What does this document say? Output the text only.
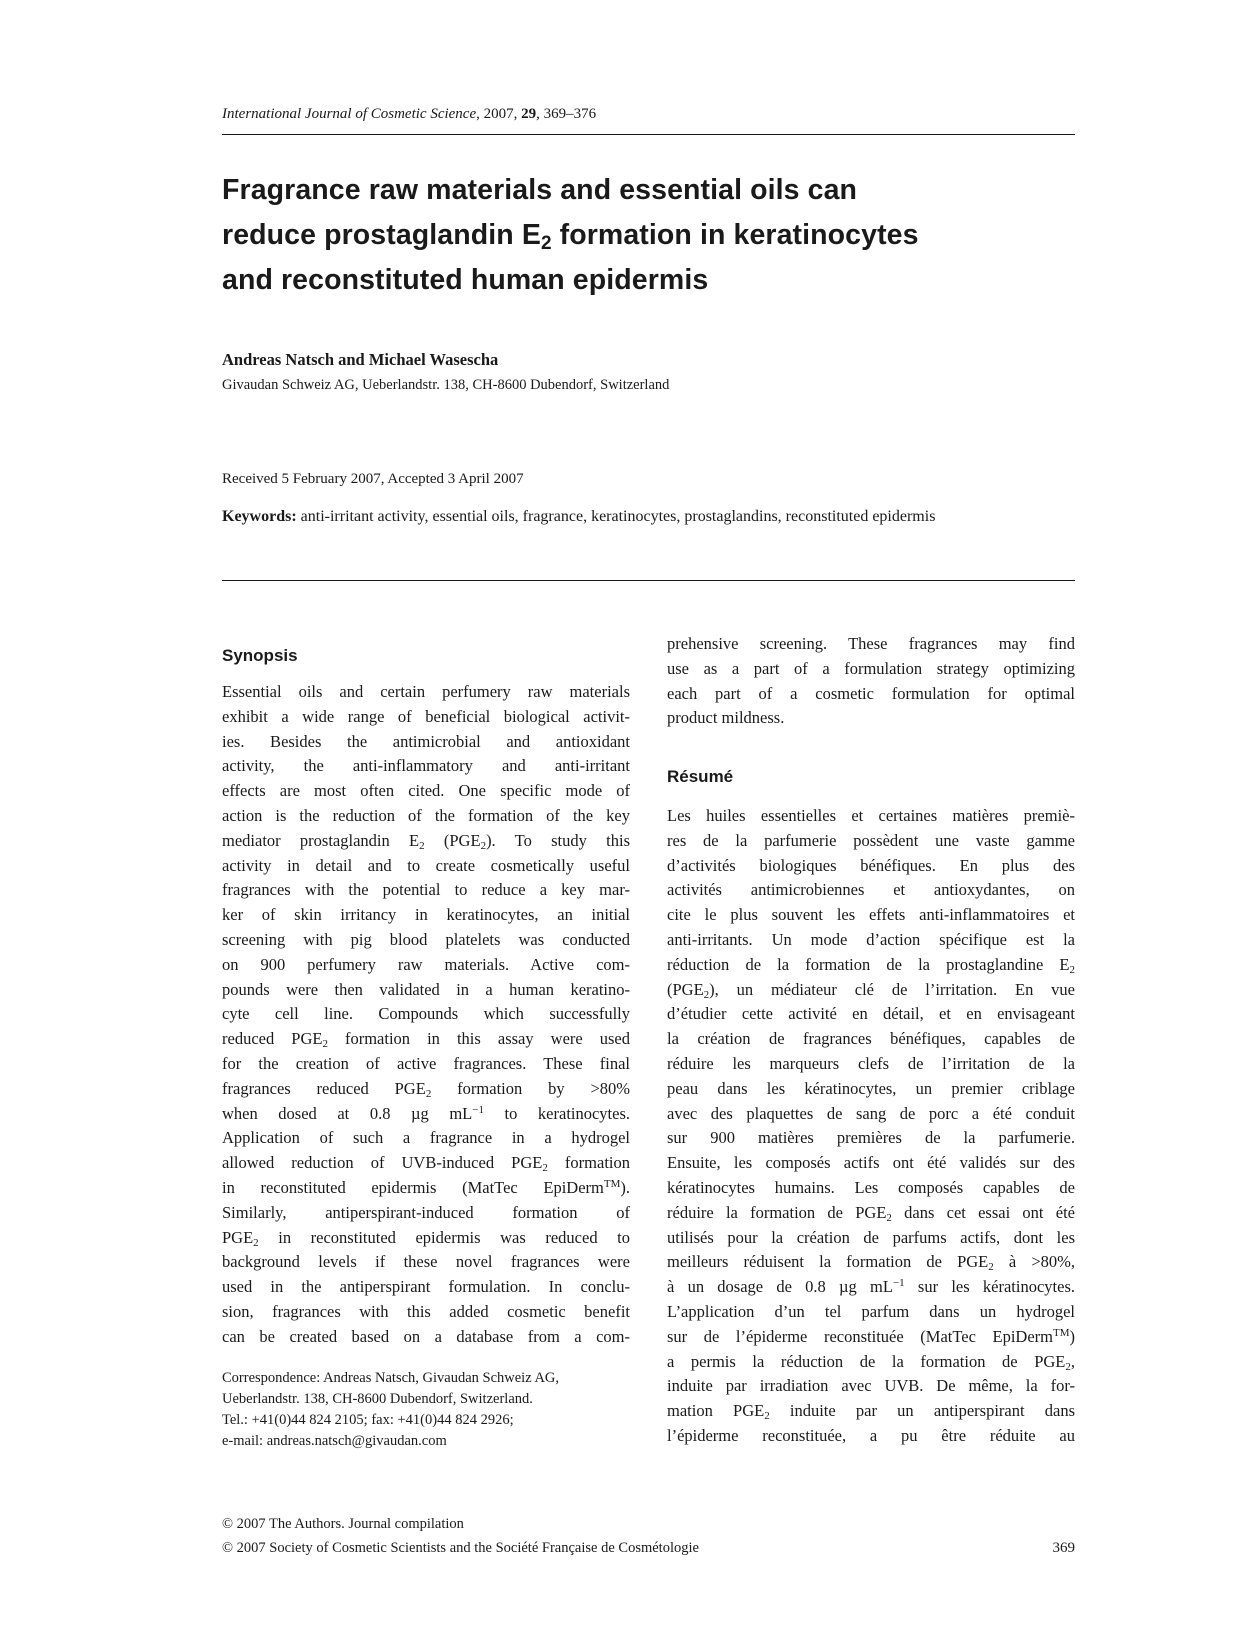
International Journal of Cosmetic Science, 2007, 29, 369–376
Fragrance raw materials and essential oils can
reduce prostaglandin $E_2$ formation in keratinocytes
and reconstituted human epidermis
Andreas Natsch and Michael Wasescha
Givaudan Schweiz AG, Ueberlandstr. 138, CH-8600 Dubendorf, Switzerland
Received 5 February 2007, Accepted 3 April 2007
Keywords: anti-irritant activity, essential oils, fragrance, keratinocytes, prostaglandins, reconstituted epidermis
Synopsis
Essential oils and certain perfumery raw materials
exhibit a wide range of beneficial biological activit-
ies. Besides the antimicrobial and antioxidant
activity, the anti-inflammatory and anti-irritant
effects are most often cited. One specific mode of
action is the reduction of the formation of the key
mediator prostaglandin $E_2$ $(PGE_2)$. To study this
activity in detail and to create cosmetically useful
fragrances with the potential to reduce a key mar-
ker of skin irritancy in keratinocytes, an initial
screening with pig blood platelets was conducted
on 900 perfumery raw materials. Active com-
pounds were then validated in a human keratino-
cyte cell line. Compounds which successfully
reduced $PGE_2$ formation in this assay were used
for the creation of active fragrances. These final
fragrances reduced $PGE_2$ formation by >80%
when dosed at 0.8 µg $mL^{-1}$ to keratinocytes.
Application of such a fragrance in a hydrogel
allowed reduction of UVB-induced $PGE_2$ formation
in reconstituted epidermis (MatTec EpiDerm™).
Similarly, antiperspirant-induced formation of
$PGE_2$ in reconstituted epidermis was reduced to
background levels if these novel fragrances were
used in the antiperspirant formulation. In conclu-
sion, fragrances with this added cosmetic benefit
can be created based on a database from a com-
Correspondence: Andreas Natsch, Givaudan Schweiz AG,
Ueberlandstr. 138, CH-8600 Dubendorf, Switzerland.
Tel.: +41(0)44 824 2105; fax: +41(0)44 824 2926;
e-mail: andreas.natsch@givaudan.com
prehensive screening. These fragrances may find
use as a part of a formulation strategy optimizing
each part of a cosmetic formulation for optimal
product mildness.
Résumé
Les huiles essentielles et certaines matières premiè-
res de la parfumerie possèdent une vaste gamme
d’activités biologiques bénéfiques. En plus des
activités antimicrobiennes et antioxydantes, on
cite le plus souvent les effets anti-inflammatoires et
anti-irritants. Un mode d’action spécifique est la
réduction de la formation de la prostaglandine $E_2$
$(PGE_2)$, un médiateur clé de l’irritation. En vue
d’étudier cette activité en détail, et en envisageant
la création de fragrances bénéfiques, capables de
réduire les marqueurs clefs de l’irritation de la
peau dans les kératinocytes, un premier criblage
avec des plaquettes de sang de porc a été conduit
sur 900 matières premières de la parfumerie.
Ensuite, les composés actifs ont été validés sur des
kératinocytes humains. Les composés capables de
réduire la formation de $PGE_2$ dans cet essai ont été
utilisés pour la création de parfums actifs, dont les
meilleurs réduisent la formation de $PGE_2$ à >80%,
à un dosage de 0.8 µg $mL^{-1}$ sur les kératinocytes.
L’application d’un tel parfum dans un hydrogel
sur de l’épiderme reconstituée (MatTec EpiDerm™)
a permis la réduction de la formation de $PGE_2$,
induite par irradiation avec UVB. De même, la for-
mation $PGE_2$ induite par un antiperspirant dans
l’épiderme reconstituée, a pu être réduite au
© 2007 The Authors. Journal compilation
© 2007 Society of Cosmetic Scientists and the Société Française de Cosmétologie	369
